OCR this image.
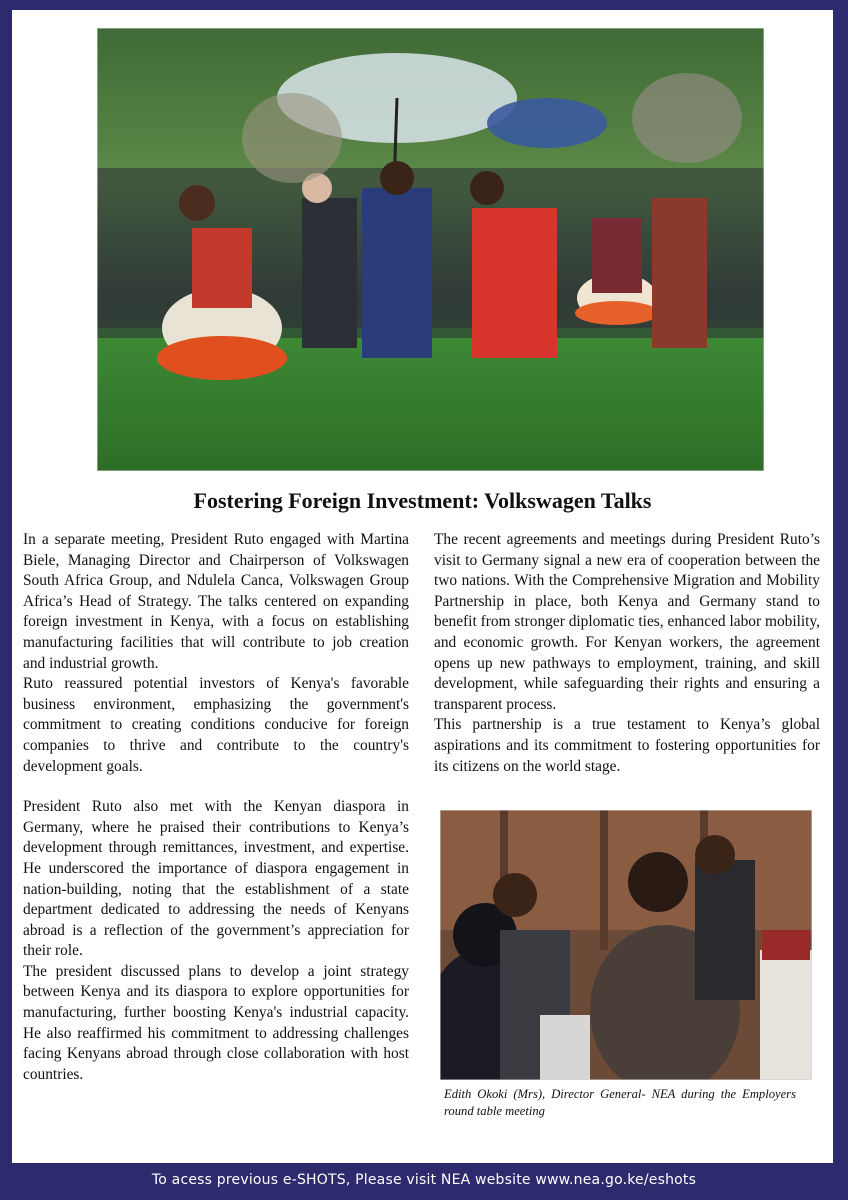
Fostering Foreign Investment: Volkswagen Talks

In a separate meeting, President Ruto engaged with Martina Biele, Managing Director and Chairperson of Volkswagen South Africa Group, and Ndulela Canca, Volkswagen Group Africa’s Head of Strategy. The talks centered on expanding foreign investment in Kenya, with a focus on establishing manufacturing facilities that will contribute to job creation and industrial growth.

Ruto reassured potential investors of Kenya's favorable business environment, emphasizing the government's commitment to creating conditions conducive for foreign companies to thrive and contribute to the country's development goals.

President Ruto also met with the Kenyan diaspora in Germany, where he praised their contributions to Kenya’s development through remittances, investment, and expertise. He underscored the importance of diaspora engagement in nation-building, noting that the establishment of a state department dedicated to addressing the needs of Kenyans abroad is a reflection of the government’s appreciation for their role.

The president discussed plans to develop a joint strategy between Kenya and its diaspora to explore opportunities for manufacturing, further boosting Kenya's industrial capacity. He also reaffirmed his commitment to addressing challenges facing Kenyans abroad through close collaboration with host countries.

The recent agreements and meetings during President Ruto’s visit to Germany signal a new era of cooperation between the two nations. With the Comprehensive Migration and Mobility Partnership in place, both Kenya and Germany stand to benefit from stronger diplomatic ties, enhanced labor mobility, and economic growth. For Kenyan workers, the agreement opens up new pathways to employment, training, and skill development, while safeguarding their rights and ensuring a transparent process.

This partnership is a true testament to Kenya’s global aspirations and its commitment to fostering opportunities for its citizens on the world stage.

Edith Okoki (Mrs), Director General- NEA during the Employers round table meeting
To acess previous e-SHOTS, Please visit NEA website www.nea.go.ke/eshots
